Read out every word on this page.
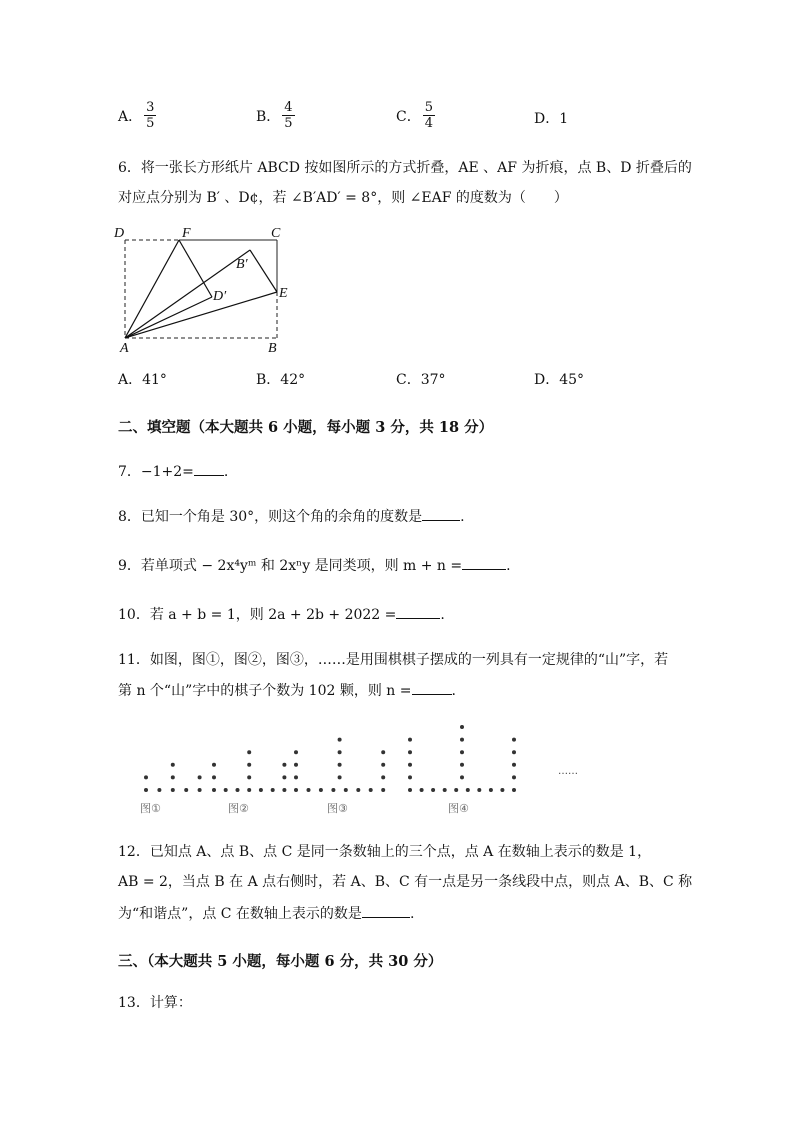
A． $\frac{3}{5}$	B． $\frac{4}{5}$	C． $\frac{5}{4}$	D．1
6．将一张长方形纸片 ABCD 按如图所示的方式折叠，AE 、AF 为折痕，点 B、D 折叠后的
对应点分别为 B′ 、D¢，若 ∠B′AD′ = 8°，则 ∠EAF 的度数为（　　）
D	F	C
B′
D′	E
A	B
A．41°	B．42°	C．37°	D．45°
二、填空题（本大题共 6 小题，每小题 3 分，共 18 分）
7．−1+2= .
8．已知一个角是 30°，则这个角的余角的度数是	.
9．若单项式 − 2x⁴yᵐ 和 2xⁿy 是同类项，则 m + n =	.
10．若 a + b = 1，则 2a + 2b + 2022 =	.
11．如图，图①，图②，图③，……是用围棋棋子摆成的一列具有一定规律的“山”字，若
第 n 个“山”字中的棋子个数为 102 颗，则 n =	.
图①	图②	图③	图④
……
12．已知点 A、点 B、点 C 是同一条数轴上的三个点，点 A 在数轴上表示的数是 1，
AB = 2，当点 B 在 A 点右侧时，若 A、B、C 有一点是另一条线段中点，则点 A、B、C 称
为“和谐点”，点 C 在数轴上表示的数是	.
三、（本大题共 5 小题，每小题 6 分，共 30 分）
13．计算：
